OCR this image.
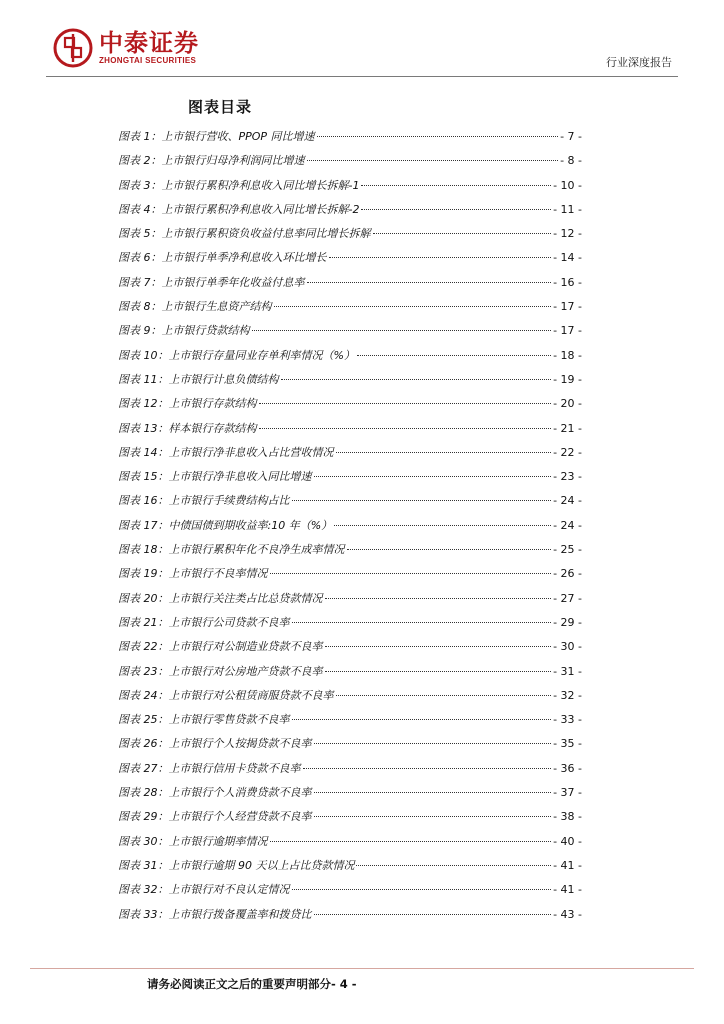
中泰证券
ZHONGTAI SECURITIES	行业深度报告
图表目录
图表 1：上市银行营收、PPOP 同比增速	- 7 -
图表 2：上市银行归母净利润同比增速	- 8 -
图表 3：上市银行累积净利息收入同比增长拆解-1	- 10 -
图表 4：上市银行累积净利息收入同比增长拆解-2	- 11 -
图表 5：上市银行累积资负收益付息率同比增长拆解	- 12 -
图表 6：上市银行单季净利息收入环比增长	- 14 -
图表 7：上市银行单季年化收益付息率	- 16 -
图表 8：上市银行生息资产结构	- 17 -
图表 9：上市银行贷款结构	- 17 -
图表 10：上市银行存量同业存单利率情况（%）	- 18 -
图表 11：上市银行计息负债结构	- 19 -
图表 12：上市银行存款结构	- 20 -
图表 13：样本银行存款结构	- 21 -
图表 14：上市银行净非息收入占比营收情况	- 22 -
图表 15：上市银行净非息收入同比增速	- 23 -
图表 16：上市银行手续费结构占比	- 24 -
图表 17：中债国债到期收益率:10 年（%）	- 24 -
图表 18：上市银行累积年化不良净生成率情况	- 25 -
图表 19：上市银行不良率情况	- 26 -
图表 20：上市银行关注类占比总贷款情况	- 27 -
图表 21：上市银行公司贷款不良率	- 29 -
图表 22：上市银行对公制造业贷款不良率	- 30 -
图表 23：上市银行对公房地产贷款不良率	- 31 -
图表 24：上市银行对公租赁商服贷款不良率	- 32 -
图表 25：上市银行零售贷款不良率	- 33 -
图表 26：上市银行个人按揭贷款不良率	- 35 -
图表 27：上市银行信用卡贷款不良率	- 36 -
图表 28：上市银行个人消费贷款不良率	- 37 -
图表 29：上市银行个人经营贷款不良率	- 38 -
图表 30：上市银行逾期率情况	- 40 -
图表 31：上市银行逾期 90 天以上占比贷款情况	- 41 -
图表 32：上市银行对不良认定情况	- 41 -
图表 33：上市银行拨备覆盖率和拨贷比	- 43 -
请务必阅读正文之后的重要声明部分- 4 -
